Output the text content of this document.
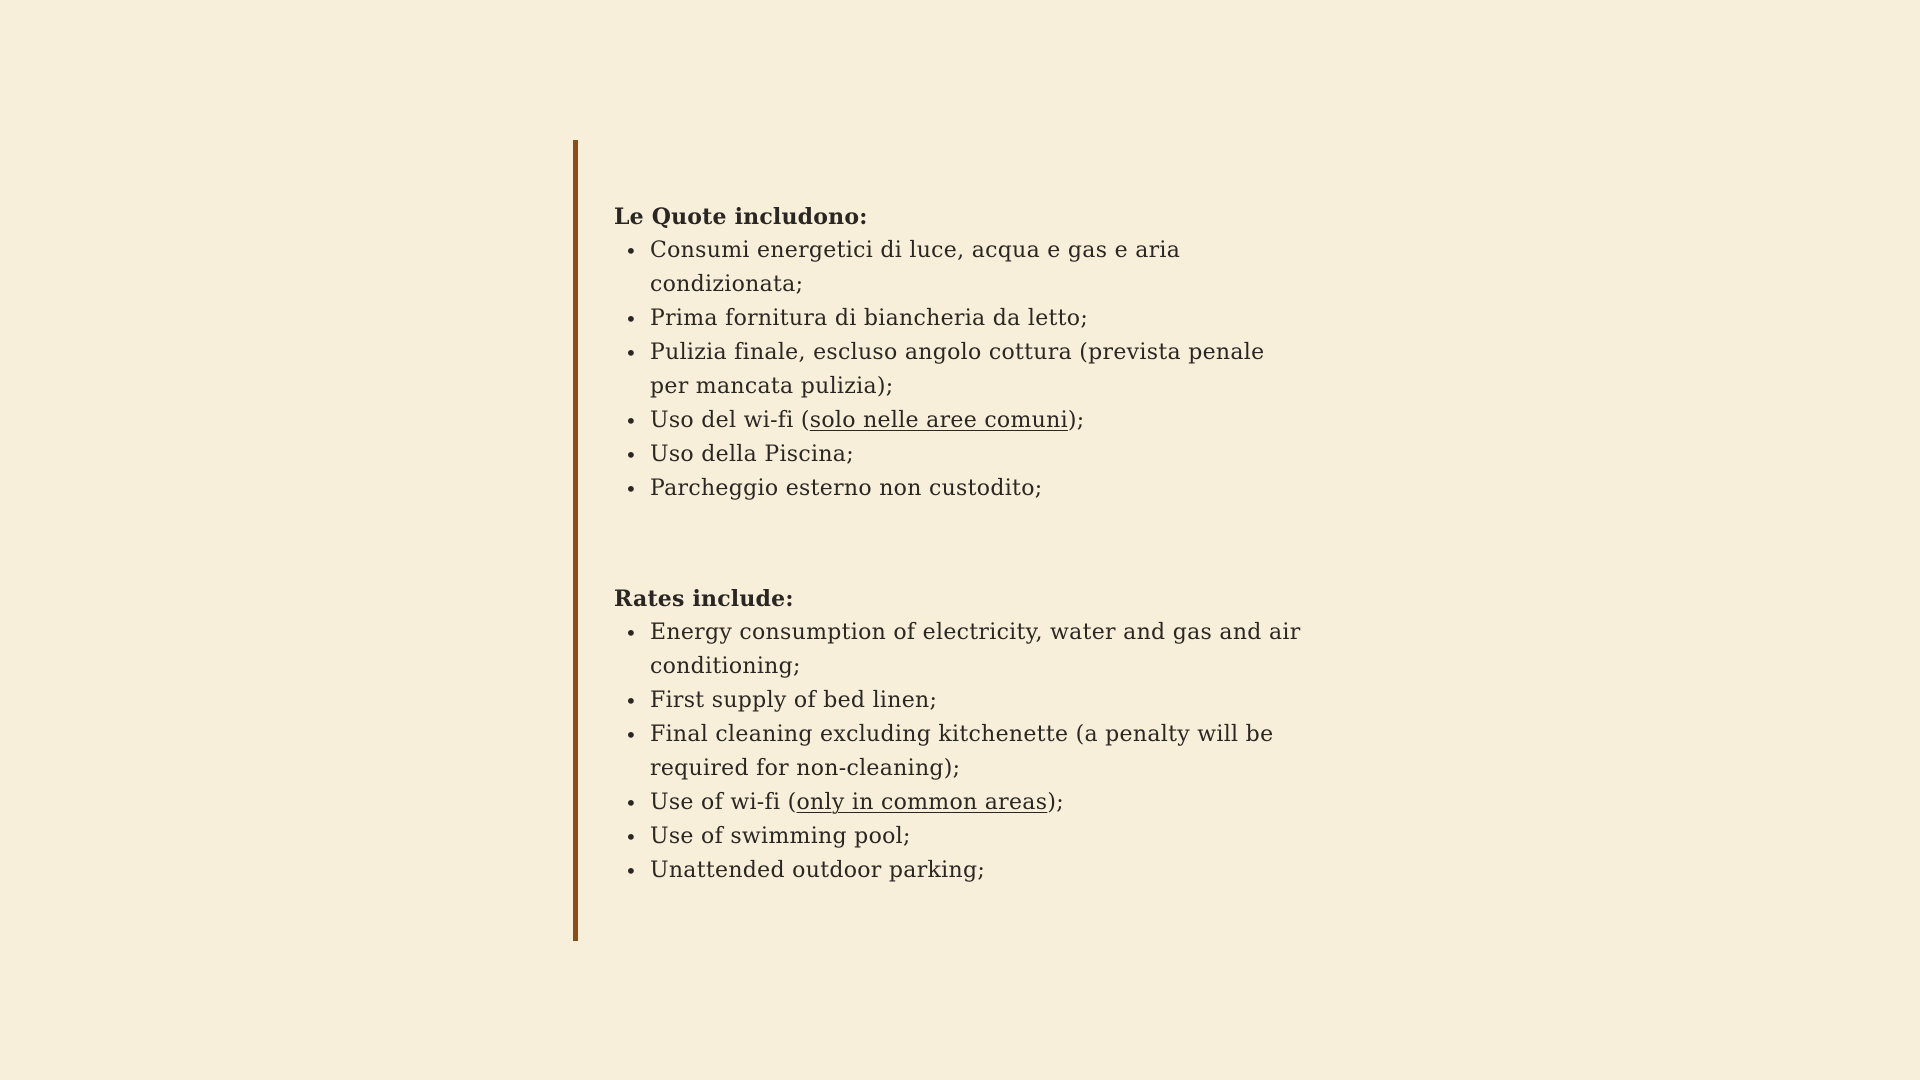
Le Quote includono:
• Consumi energetici di luce, acqua e gas e aria
condizionata;
• Prima fornitura di biancheria da letto;
• Pulizia finale, escluso angolo cottura (prevista penale
per mancata pulizia);
• Uso del wi-fi (solo nelle aree comuni);
• Uso della Piscina;
• Parcheggio esterno non custodito;
Rates include:
• Energy consumption of electricity, water and gas and air
conditioning;
• First supply of bed linen;
• Final cleaning excluding kitchenette (a penalty will be
required for non-cleaning);
• Use of wi-fi (only in common areas);
• Use of swimming pool;
• Unattended outdoor parking;
